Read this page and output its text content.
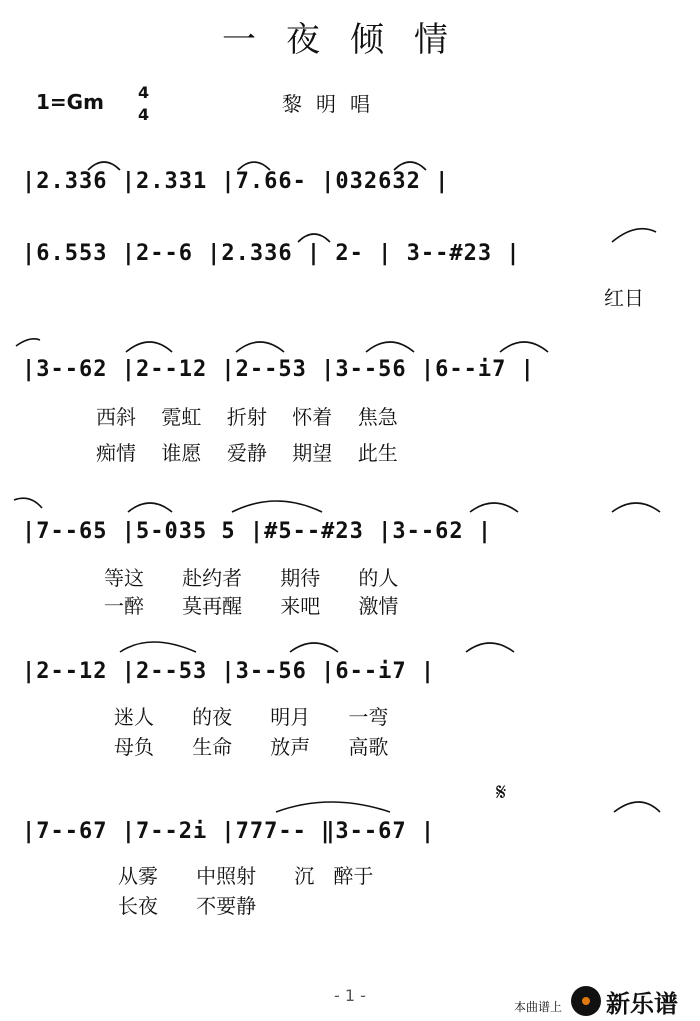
一夜倾情
1=Gm 4
4	黎明唱
|2.336 |2.331 |7.66- |032632 |
|6.553 |2--6 |2.336 | 2- | 3--#23 |
红日
|3--62 |2--12 |2--53 |3--56 |6--i7 |
西斜    霓虹    折射    怀着    焦急
痴情    谁愿    爱静    期望    此生
|7--65 |5-035 5 |#5--#23 |3--62 |
等这      赴约者      期待      的人
一醉      莫再醒      来吧      激情
|2--12 |2--53 |3--56 |6--i7 |
迷人      的夜      明月      一弯
母负      生命      放声      高歌
𝄋
|7--67 |7--2i |777-- ‖3--67 |
从雾      中照射      沉   醉于
长夜      不要静
- 1 -
本曲谱上 新乐谱
